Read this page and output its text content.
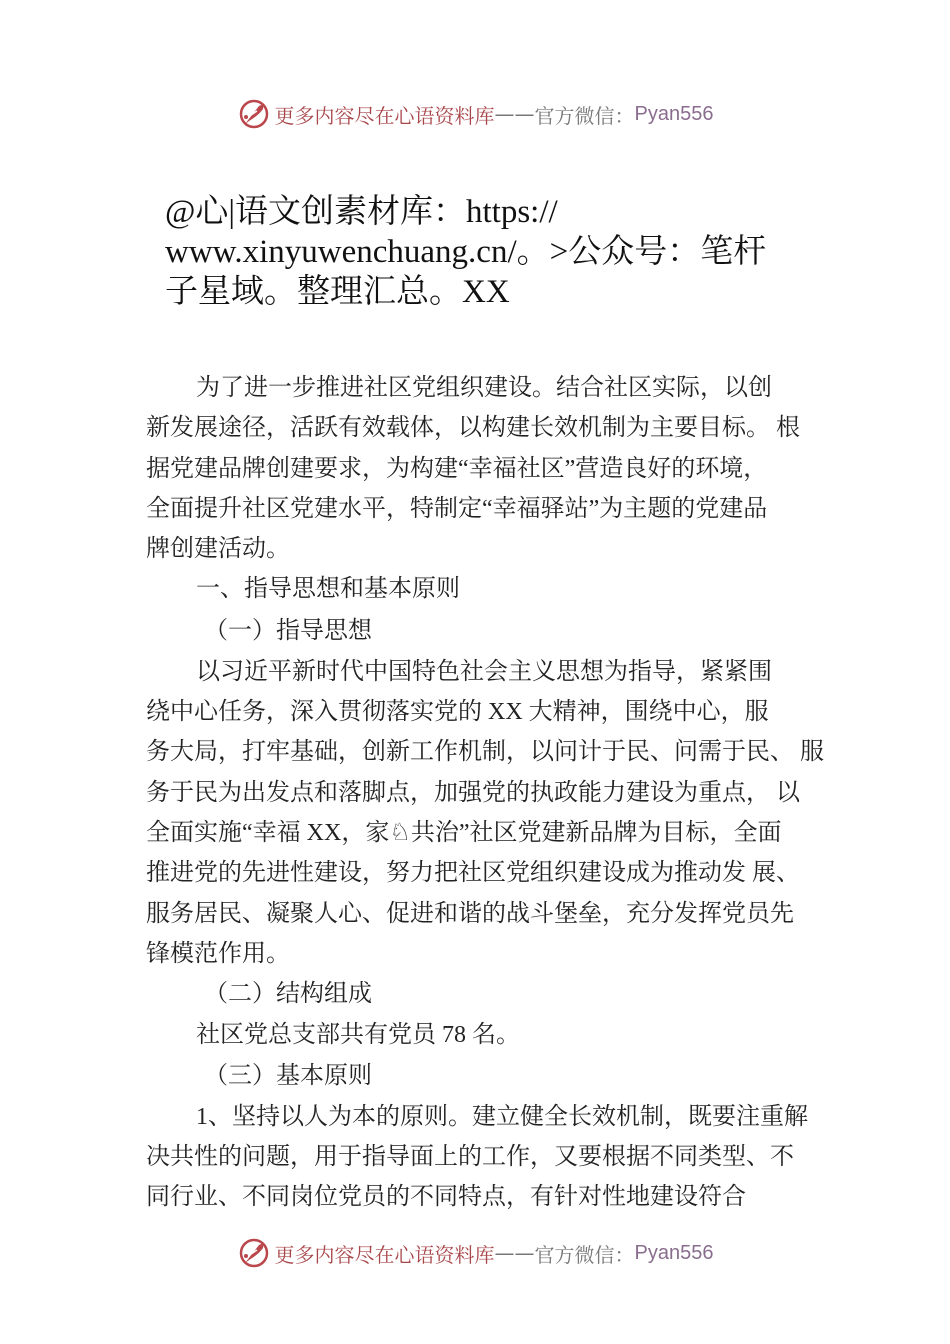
更多内容尽在心语资料库 —— 官方微信： Pyan556
@心|语文创素材库：https://
www.xinyuwenchuang.cn/。>公众号：笔杆
子星域。整理汇总。XX
为了进一步推进社区党组织建设。结合社区实际，以创
新发展途径，活跃有效载体，以构建长效机制为主要目标。 根
据党建品牌创建要求，为构建“幸福社区”营造良好的环境，
全面提升社区党建水平，特制定“幸福驿站”为主题的党建品
牌创建活动。
一、指导思想和基本原则
（一）指导思想
以习近平新时代中国特色社会主义思想为指导，紧紧围
绕中心任务，深入贯彻落实党的 XX 大精神，围绕中心，服
务大局，打牢基础，创新工作机制，以问计于民、问需于民、 服
务于民为出发点和落脚点，加强党的执政能力建设为重点， 以
全面实施“幸福 XX，家♘共治”社区党建新品牌为目标，全面
推进党的先进性建设，努力把社区党组织建设成为推动发 展、
服务居民、凝聚人心、促进和谐的战斗堡垒，充分发挥党员先
锋模范作用。
（二）结构组成
社区党总支部共有党员 78 名。
（三）基本原则
1、坚持以人为本的原则。建立健全长效机制，既要注重解
决共性的问题，用于指导面上的工作，又要根据不同类型、不
同行业、不同岗位党员的不同特点，有针对性地建设符合
更多内容尽在心语资料库 —— 官方微信： Pyan556
